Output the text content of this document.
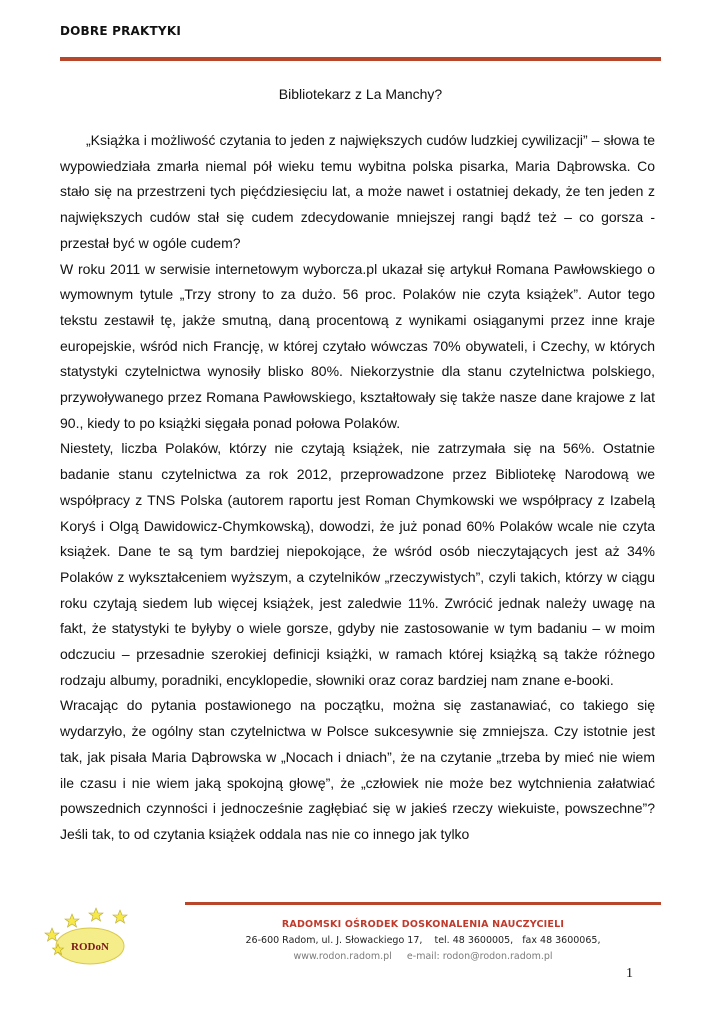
DOBRE PRAKTYKI
Bibliotekarz z La Manchy?

„Książka i możliwość czytania to jeden z największych cudów ludzkiej cywilizacji” – słowa te wypowiedziała zmarła niemal pół wieku temu wybitna polska pisarka, Maria Dąbrowska. Co stało się na przestrzeni tych pięćdziesięciu lat, a może nawet i ostatniej dekady, że ten jeden z największych cudów stał się cudem zdecydowanie mniejszej rangi bądź też – co gorsza - przestał być w ogóle cudem?

W roku 2011 w serwisie internetowym wyborcza.pl ukazał się artykuł Romana Pawłowskiego o wymownym tytule „Trzy strony to za dużo. 56 proc. Polaków nie czyta książek”. Autor tego tekstu zestawił tę, jakże smutną, daną procentową z wynikami osiąganymi przez inne kraje europejskie, wśród nich Francję, w której czytało wówczas 70% obywateli, i Czechy, w których statystyki czytelnictwa wynosiły blisko 80%. Niekorzystnie dla stanu czytelnictwa polskiego, przywoływanego przez Romana Pawłowskiego, kształtowały się także nasze dane krajowe z lat 90., kiedy to po książki sięgała ponad połowa Polaków.

Niestety, liczba Polaków, którzy nie czytają książek, nie zatrzymała się na 56%. Ostatnie badanie stanu czytelnictwa za rok 2012, przeprowadzone przez Bibliotekę Narodową we współpracy z TNS Polska (autorem raportu jest Roman Chymkowski we współpracy z Izabelą Koryś i Olgą Dawidowicz-Chymkowską), dowodzi, że już ponad 60% Polaków wcale nie czyta książek. Dane te są tym bardziej niepokojące, że wśród osób nieczytających jest aż 34% Polaków z wykształceniem wyższym, a czytelników „rzeczywistych”, czyli takich, którzy w ciągu roku czytają siedem lub więcej książek, jest zaledwie 11%. Zwrócić jednak należy uwagę na fakt, że statystyki te byłyby o wiele gorsze, gdyby nie zastosowanie w tym badaniu – w moim odczuciu – przesadnie szerokiej definicji książki, w ramach której książką są także różnego rodzaju albumy, poradniki, encyklopedie, słowniki oraz coraz bardziej nam znane e-booki.

Wracając do pytania postawionego na początku, można się zastanawiać, co takiego się wydarzyło, że ogólny stan czytelnictwa w Polsce sukcesywnie się zmniejsza. Czy istotnie jest tak, jak pisała Maria Dąbrowska w „Nocach i dniach”, że na czytanie „trzeba by mieć nie wiem ile czasu i nie wiem jaką spokojną głowę”, że „człowiek nie może bez wytchnienia załatwiać powszednich czynności i jednocześnie zagłębiać się w jakieś rzeczy wiekuiste, powszechne”? Jeśli tak, to od czytania książek oddala nas nie co innego jak tylko

RODoN
RADOMSKI OŚRODEK DOSKONALENIA NAUCZYCIELI
26-600 Radom, ul. J. Słowackiego 17,    tel. 48 3600005,   fax 48 3600065,
www.rodon.radom.pl     e-mail: rodon@rodon.radom.pl
1
